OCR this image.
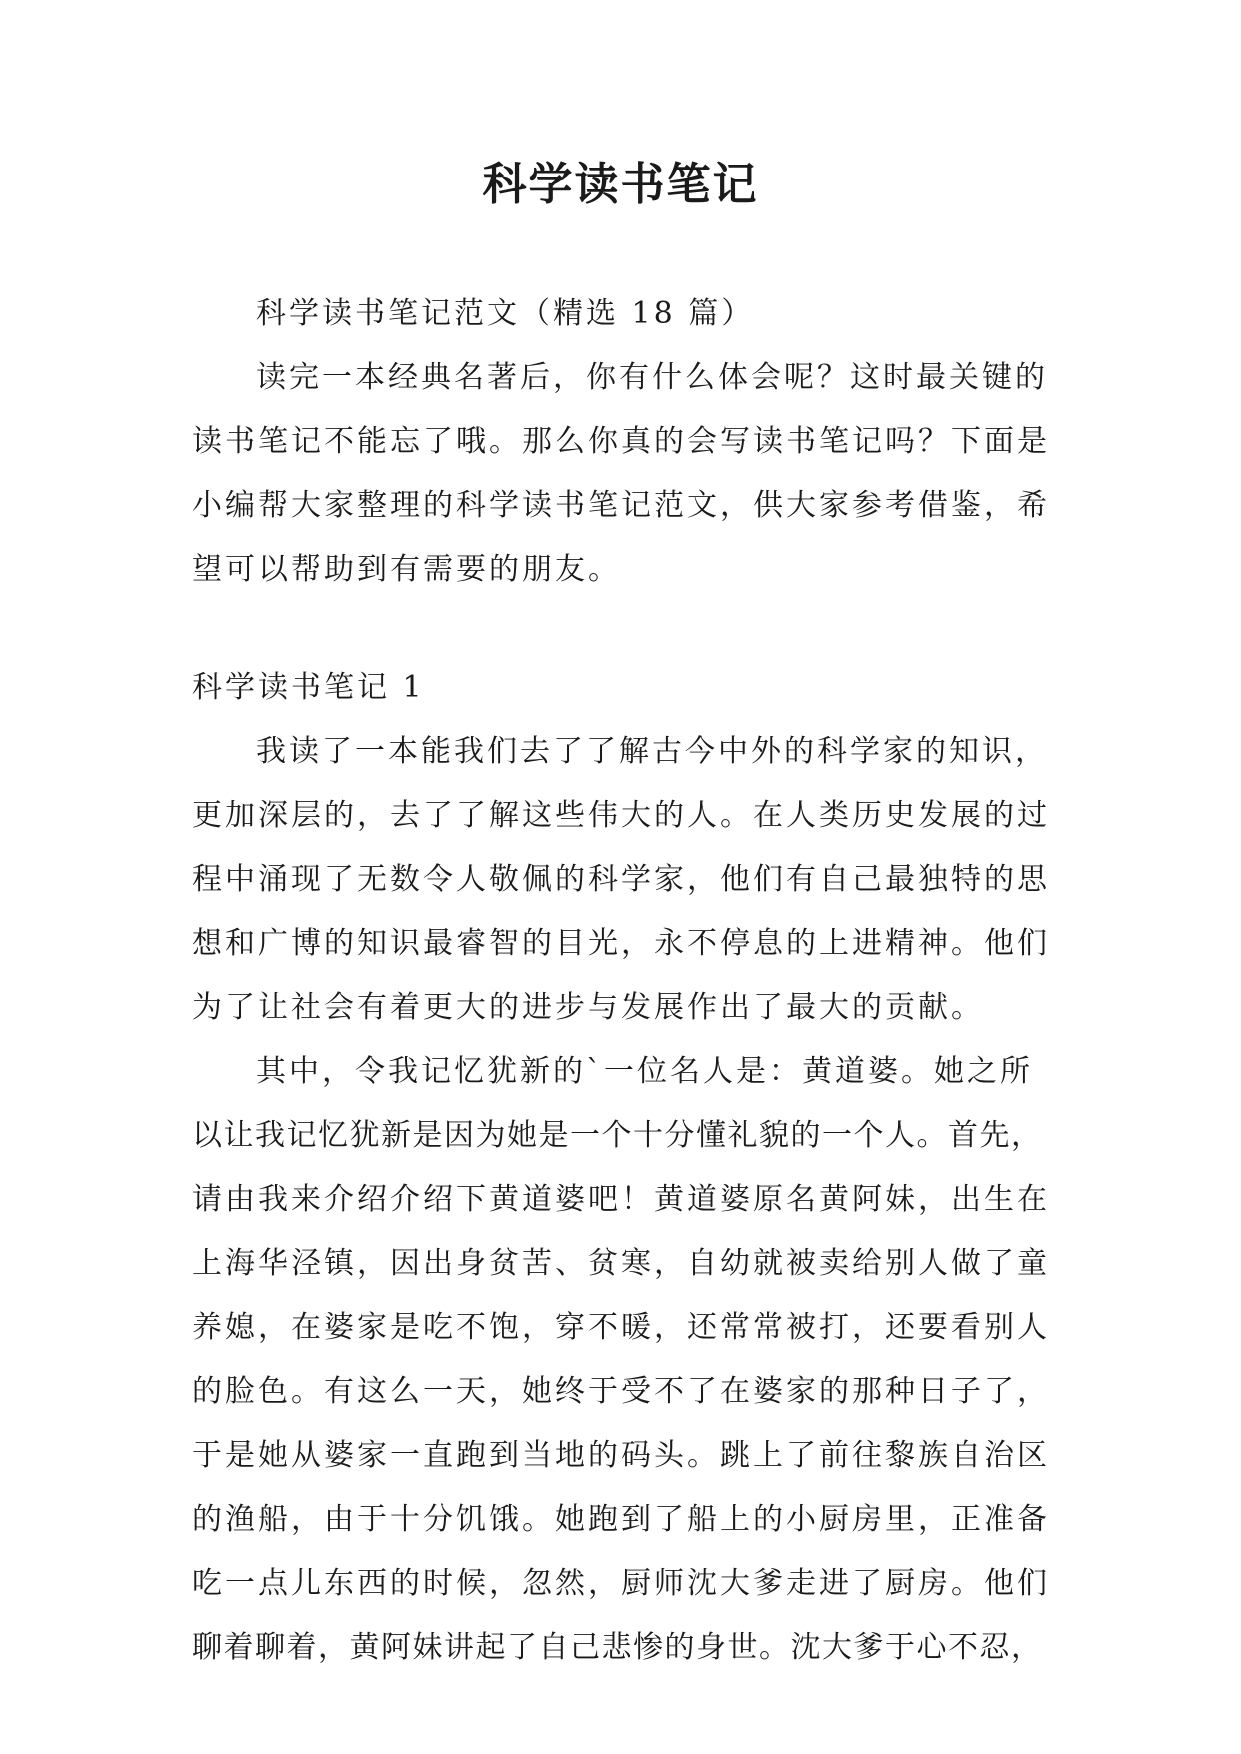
科学读书笔记
科学读书笔记范文（精选 18 篇）
读完一本经典名著后，你有什么体会呢？这时最关键的
读书笔记不能忘了哦。那么你真的会写读书笔记吗？下面是
小编帮大家整理的科学读书笔记范文，供大家参考借鉴，希
望可以帮助到有需要的朋友。
科学读书笔记 1
我读了一本能我们去了了解古今中外的科学家的知识，
更加深层的，去了了解这些伟大的人。在人类历史发展的过
程中涌现了无数令人敬佩的科学家，他们有自己最独特的思
想和广博的知识最睿智的目光，永不停息的上进精神。他们
为了让社会有着更大的进步与发展作出了最大的贡献。
其中，令我记忆犹新的`一位名人是：黄道婆。她之所
以让我记忆犹新是因为她是一个十分懂礼貌的一个人。首先，
请由我来介绍介绍下黄道婆吧！黄道婆原名黄阿妹，出生在
上海华泾镇，因出身贫苦、贫寒，自幼就被卖给别人做了童
养媳，在婆家是吃不饱，穿不暖，还常常被打，还要看别人
的脸色。有这么一天，她终于受不了在婆家的那种日子了，
于是她从婆家一直跑到当地的码头。跳上了前往黎族自治区
的渔船，由于十分饥饿。她跑到了船上的小厨房里，正准备
吃一点儿东西的时候，忽然，厨师沈大爹走进了厨房。他们
聊着聊着，黄阿妹讲起了自己悲惨的身世。沈大爹于心不忍，
